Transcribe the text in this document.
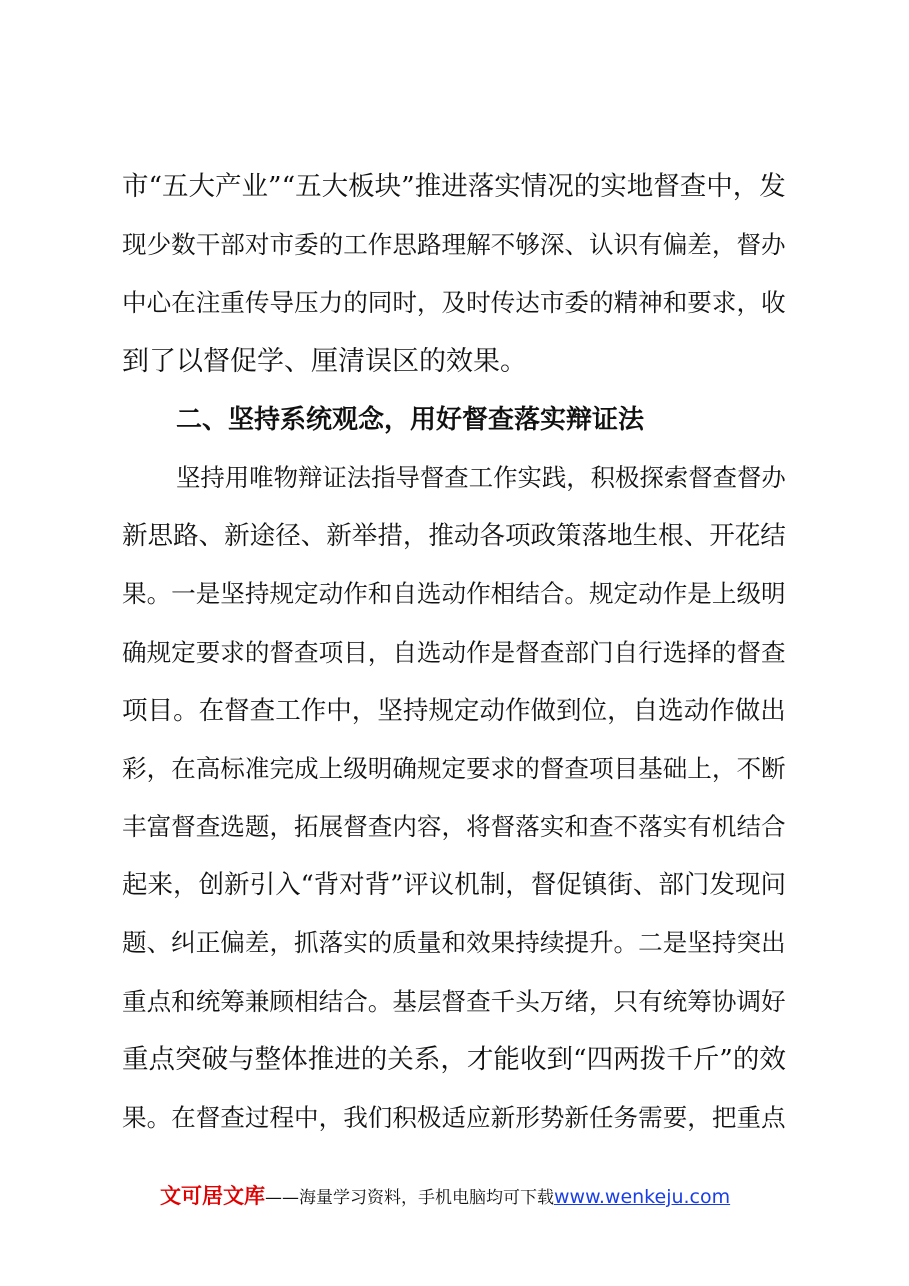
市“五大产业”“五大板块”推进落实情况的实地督查中，发
现少数干部对市委的工作思路理解不够深、认识有偏差，督办
中心在注重传导压力的同时，及时传达市委的精神和要求，收
到了以督促学、厘清误区的效果。
二、坚持系统观念，用好督查落实辩证法
坚持用唯物辩证法指导督查工作实践，积极探索督查督办
新思路、新途径、新举措，推动各项政策落地生根、开花结
果。一是坚持规定动作和自选动作相结合。规定动作是上级明
确规定要求的督查项目，自选动作是督查部门自行选择的督查
项目。在督查工作中，坚持规定动作做到位，自选动作做出
彩，在高标准完成上级明确规定要求的督查项目基础上，不断
丰富督查选题，拓展督查内容，将督落实和查不落实有机结合
起来，创新引入“背对背”评议机制，督促镇街、部门发现问
题、纠正偏差，抓落实的质量和效果持续提升。二是坚持突出
重点和统筹兼顾相结合。基层督查千头万绪，只有统筹协调好
重点突破与整体推进的关系，才能收到“四两拨千斤”的效
果。在督查过程中，我们积极适应新形势新任务需要，把重点
文可居文库——海量学习资料，手机电脑均可下载www.wenkeju.com
